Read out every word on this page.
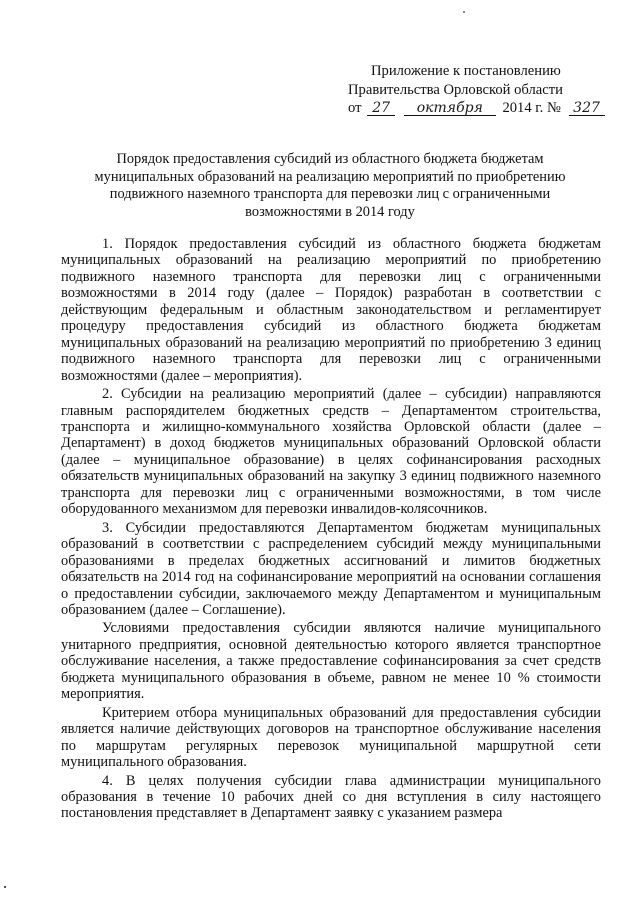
Приложение к постановлению
Правительства Орловской области
от 27 октября 2014 г. № 327
Порядок предоставления субсидий из областного бюджета бюджетам
муниципальных образований на реализацию мероприятий по приобретению
подвижного наземного транспорта для перевозки лиц с ограниченными
возможностями в 2014 году

1. Порядок предоставления субсидий из областного бюджета бюджетам муниципальных образований на реализацию мероприятий по приобретению подвижного наземного транспорта для перевозки лиц с ограниченными возможностями в 2014 году (далее – Порядок) разработан в соответствии с действующим федеральным и областным законодательством и регламентирует процедуру предоставления субсидий из областного бюджета бюджетам муниципальных образований на реализацию мероприятий по приобретению 3 единиц подвижного наземного транспорта для перевозки лиц с ограниченными возможностями (далее – мероприятия).

2. Субсидии на реализацию мероприятий (далее – субсидии) направляются главным распорядителем бюджетных средств – Департаментом строительства, транспорта и жилищно-коммунального хозяйства Орловской области (далее – Департамент) в доход бюджетов муниципальных образований Орловской области (далее – муниципальное образование) в целях софинансирования расходных обязательств муниципальных образований на закупку 3 единиц подвижного наземного транспорта для перевозки лиц с ограниченными возможностями, в том числе оборудованного механизмом для перевозки инвалидов-колясочников.

3. Субсидии предоставляются Департаментом бюджетам муниципальных образований в соответствии с распределением субсидий между муниципальными образованиями в пределах бюджетных ассигнований и лимитов бюджетных обязательств на 2014 год на софинансирование мероприятий на основании соглашения о предоставлении субсидии, заключаемого между Департаментом и муниципальным образованием (далее – Соглашение).

Условиями предоставления субсидии являются наличие муниципального унитарного предприятия, основной деятельностью которого является транспортное обслуживание населения, а также предоставление софинансирования за счет средств бюджета муниципального образования в объеме, равном не менее 10 % стоимости мероприятия.

Критерием отбора муниципальных образований для предоставления субсидии является наличие действующих договоров на транспортное обслуживание населения по маршрутам регулярных перевозок муниципальной маршрутной сети муниципального образования.

4. В целях получения субсидии глава администрации муниципального образования в течение 10 рабочих дней со дня вступления в силу настоящего постановления представляет в Департамент заявку с указанием размера
